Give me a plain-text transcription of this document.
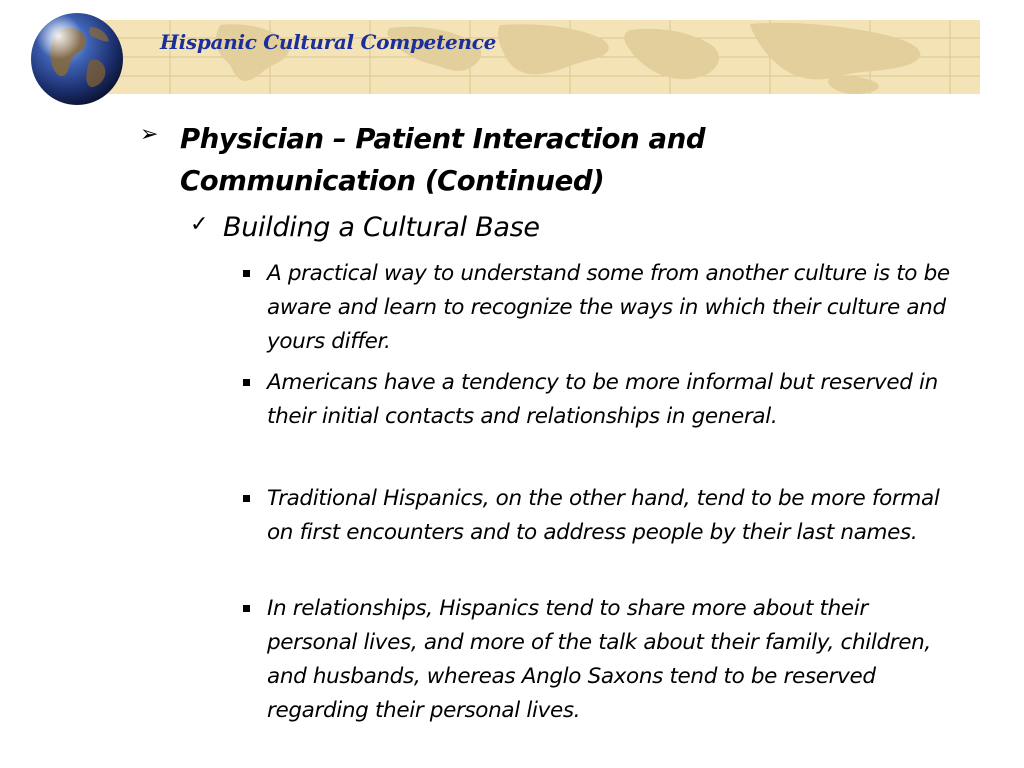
Hispanic Cultural Competence
➢ Physician – Patient Interaction and Communication (Continued)
✓ Building a Cultural Base
A practical way to understand some from another culture is to be aware and learn to recognize the ways in which their culture and yours differ.
Americans have a tendency to be more informal but reserved in their initial contacts and relationships in general.
Traditional Hispanics, on the other hand, tend to be more formal on first encounters and to address people by their last names.
In relationships, Hispanics tend to share more about their personal lives, and more of the talk about their family, children, and husbands, whereas Anglo Saxons tend to be reserved regarding their personal lives.
